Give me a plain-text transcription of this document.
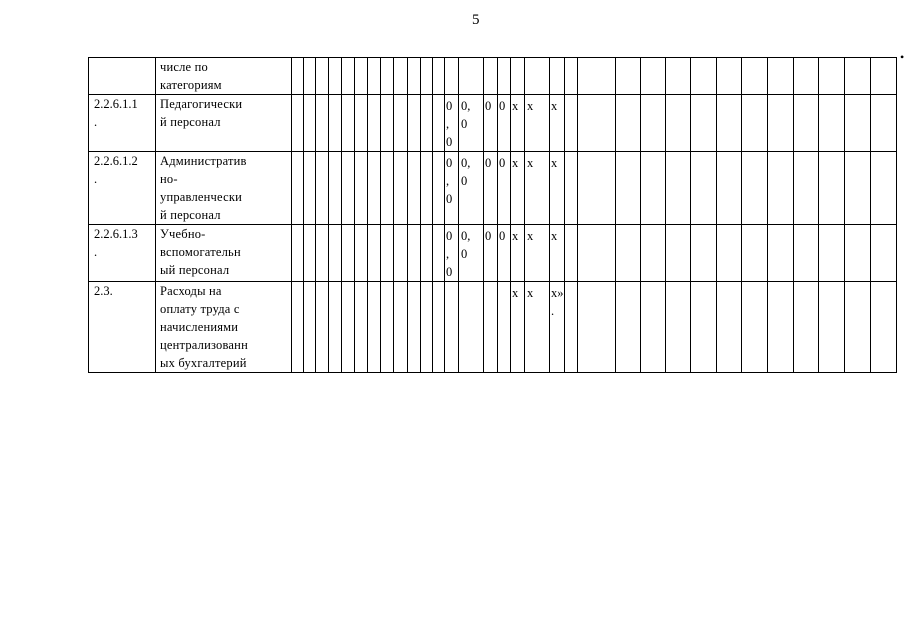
5
•
	числе по
категориям																																
2.2.6.1.1
.	Педагогически
й персонал													0
,
0	0,
0	0	0	x	x	x													
2.2.6.1.2
.	Административ
но-
управленчески
й персонал													0
,
0	0,
0	0	0	x	x	x													
2.2.6.1.3
.	Учебно-
вспомогательн
ый персонал													0
,
0	0,
0	0	0	x	x	x													
2.3.	Расходы на
оплату труда с
начислениями
централизованн
ых бухгалтерий																	x	x	x»
.													
